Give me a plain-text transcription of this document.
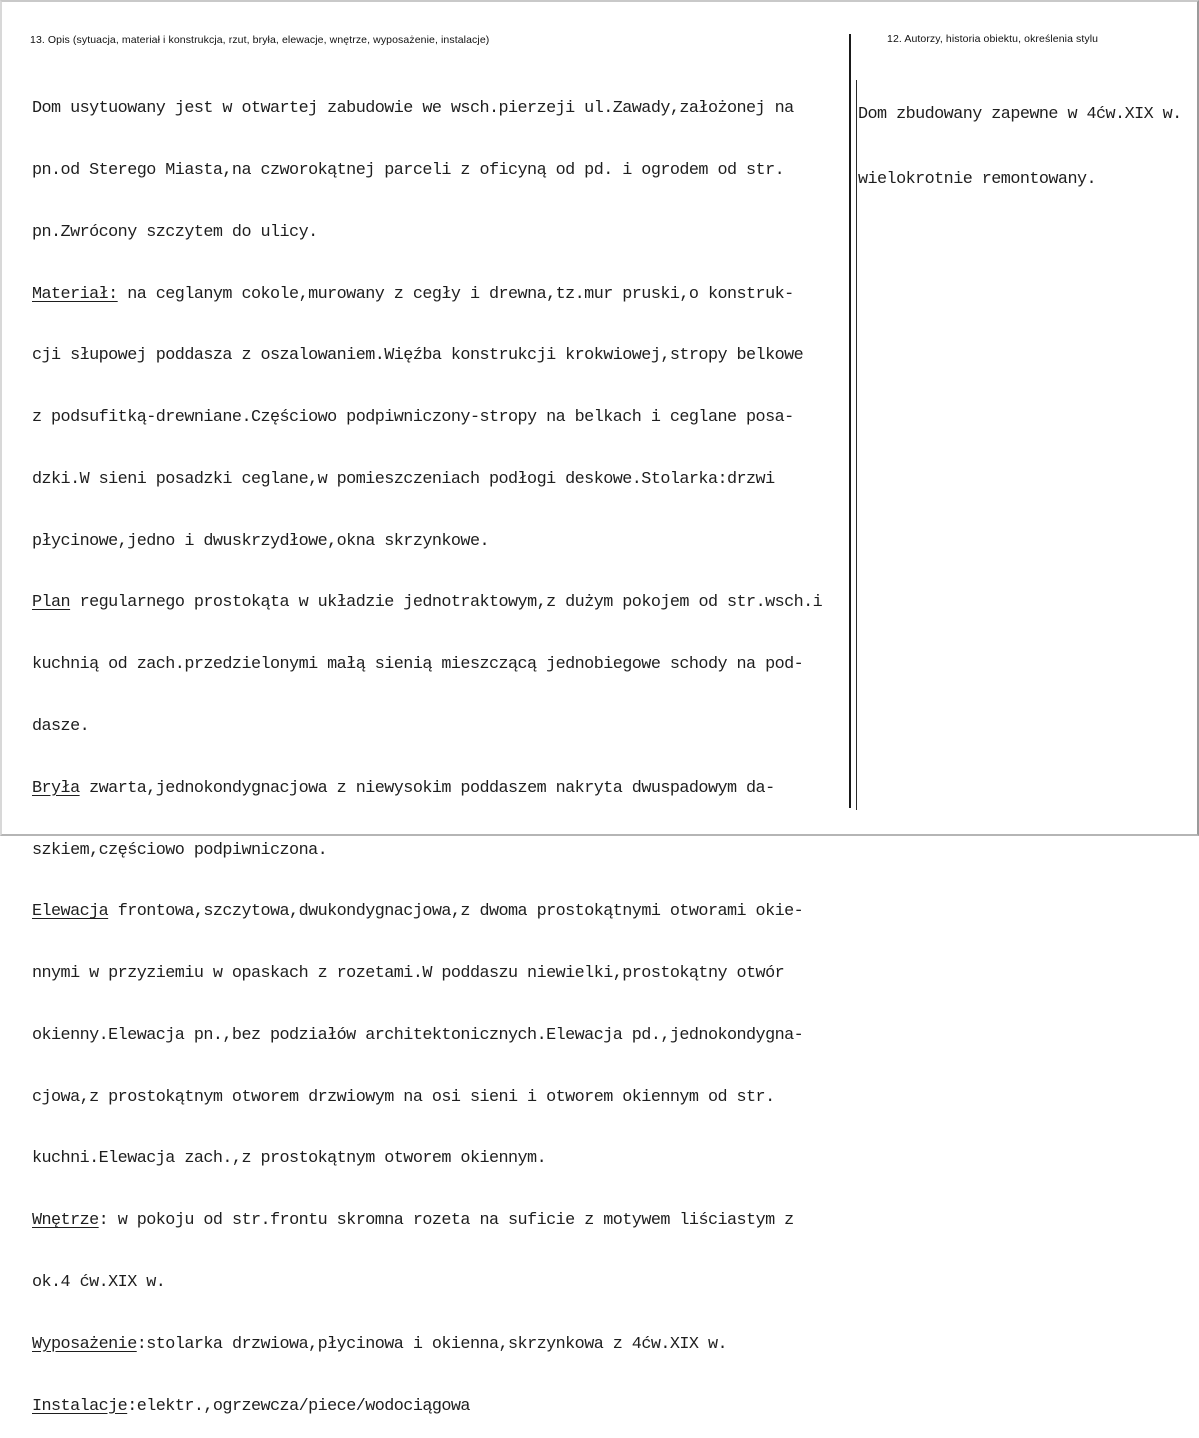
13. Opis (sytuacja, materiał i konstrukcja, rzut, bryła, elewacje, wnętrze, wyposażenie, instalacje)	12. Autorzy, historia obiektu, określenia stylu

Dom usytuowany jest w otwartej zabudowie we wsch.pierzeji ul.Zawady,założonej na

pn.od Sterego Miasta,na czworokątnej parceli z oficyną od pd. i ogrodem od str.

pn.Zwrócony szczytem do ulicy.

Materiał: na ceglanym cokole,murowany z cegły i drewna,tz.mur pruski,o konstruk-

cji słupowej poddasza z oszalowaniem.Więźba konstrukcji krokwiowej,stropy belkowe

z podsufitką-drewniane.Częściowo podpiwniczony-stropy na belkach i ceglane posa-

dzki.W sieni posadzki ceglane,w pomieszczeniach podłogi deskowe.Stolarka:drzwi

płycinowe,jedno i dwuskrzydłowe,okna skrzynkowe.

Plan regularnego prostokąta w układzie jednotraktowym,z dużym pokojem od str.wsch.i

kuchnią od zach.przedzielonymi małą sienią mieszczącą jednobiegowe schody na pod-

dasze.

Bryła zwarta,jednokondygnacjowa z niewysokim poddaszem nakryta dwuspadowym da-

szkiem,częściowo podpiwniczona.

Elewacja frontowa,szczytowa,dwukondygnacjowa,z dwoma prostokątnymi otworami okie-

nnymi w przyziemiu w opaskach z rozetami.W poddaszu niewielki,prostokątny otwór

okienny.Elewacja pn.,bez podziałów architektonicznych.Elewacja pd.,jednokondygna-

cjowa,z prostokątnym otworem drzwiowym na osi sieni i otworem okiennym od str.

kuchni.Elewacja zach.,z prostokątnym otworem okiennym.

Wnętrze: w pokoju od str.frontu skromna rozeta na suficie z motywem liściastym z

ok.4 ćw.XIX w.

Wyposażenie:stolarka drzwiowa,płycinowa i okienna,skrzynkowa z 4ćw.XIX w.

Instalacje:elektr.,ogrzewcza/piece/wodociągowa

Dom zbudowany zapewne w 4ćw.XIX w.

wielokrotnie remontowany.
